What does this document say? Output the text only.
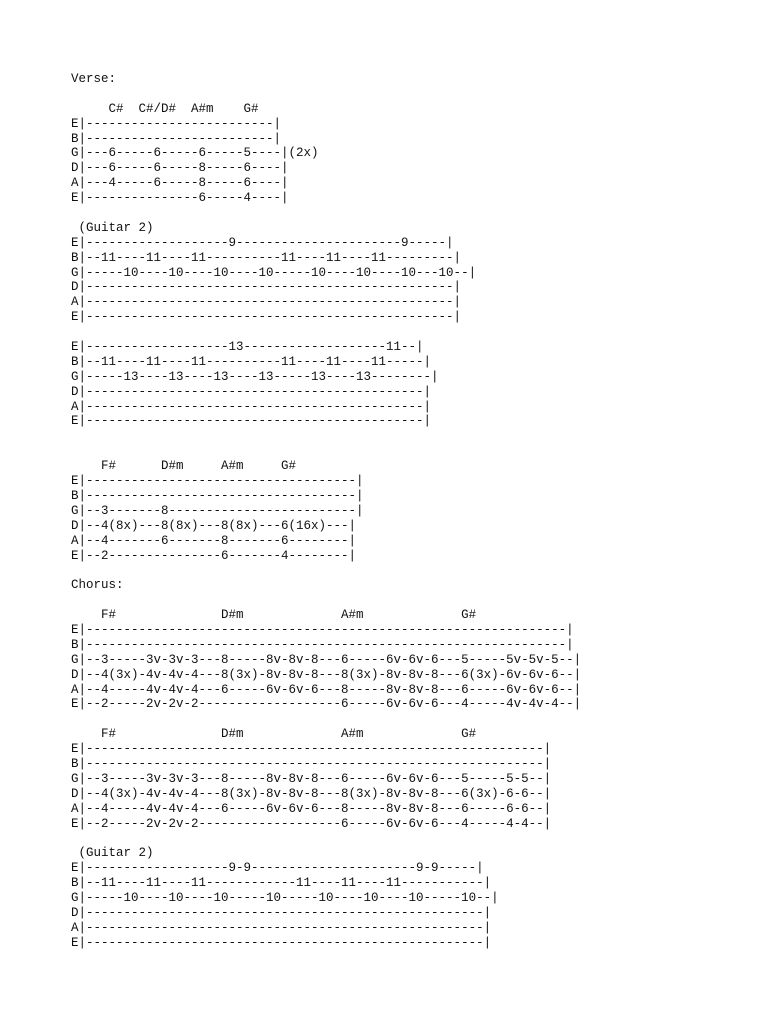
Verse:
C#  C#/D#  A#m    G#
E|-------------------------|
B|-------------------------|
G|---6-----6-----6-----5----|(2x)
D|---6-----6-----8-----6----|
A|---4-----6-----8-----6----|
E|---------------6-----4----|
(Guitar 2)
E|-------------------9----------------------9-----|
B|--11----11----11----------11----11----11---------|
G|-----10----10----10----10-----10----10----10---10--|
D|-------------------------------------------------|
A|-------------------------------------------------|
E|-------------------------------------------------|
E|-------------------13-------------------11--|
B|--11----11----11----------11----11----11-----|
G|-----13----13----13----13-----13----13--------|
D|---------------------------------------------|
A|---------------------------------------------|
E|---------------------------------------------|
F#      D#m     A#m     G#
E|------------------------------------|
B|------------------------------------|
G|--3-------8-------------------------|
D|--4(8x)---8(8x)---8(8x)---6(16x)---|
A|--4-------6-------8-------6--------|
E|--2---------------6-------4--------|
Chorus:
F#              D#m             A#m             G#
E|----------------------------------------------------------------|
B|----------------------------------------------------------------|
G|--3-----3v-3v-3---8-----8v-8v-8---6-----6v-6v-6---5-----5v-5v-5--|
D|--4(3x)-4v-4v-4---8(3x)-8v-8v-8---8(3x)-8v-8v-8---6(3x)-6v-6v-6--|
A|--4-----4v-4v-4---6-----6v-6v-6---8-----8v-8v-8---6-----6v-6v-6--|
E|--2-----2v-2v-2-------------------6-----6v-6v-6---4-----4v-4v-4--|
F#              D#m             A#m             G#
E|-------------------------------------------------------------|
B|-------------------------------------------------------------|
G|--3-----3v-3v-3---8-----8v-8v-8---6-----6v-6v-6---5-----5-5--|
D|--4(3x)-4v-4v-4---8(3x)-8v-8v-8---8(3x)-8v-8v-8---6(3x)-6-6--|
A|--4-----4v-4v-4---6-----6v-6v-6---8-----8v-8v-8---6-----6-6--|
E|--2-----2v-2v-2-------------------6-----6v-6v-6---4-----4-4--|
(Guitar 2)
E|-------------------9-9----------------------9-9-----|
B|--11----11----11------------11----11----11-----------|
G|-----10----10----10-----10-----10----10----10-----10--|
D|-----------------------------------------------------|
A|-----------------------------------------------------|
E|-----------------------------------------------------|
